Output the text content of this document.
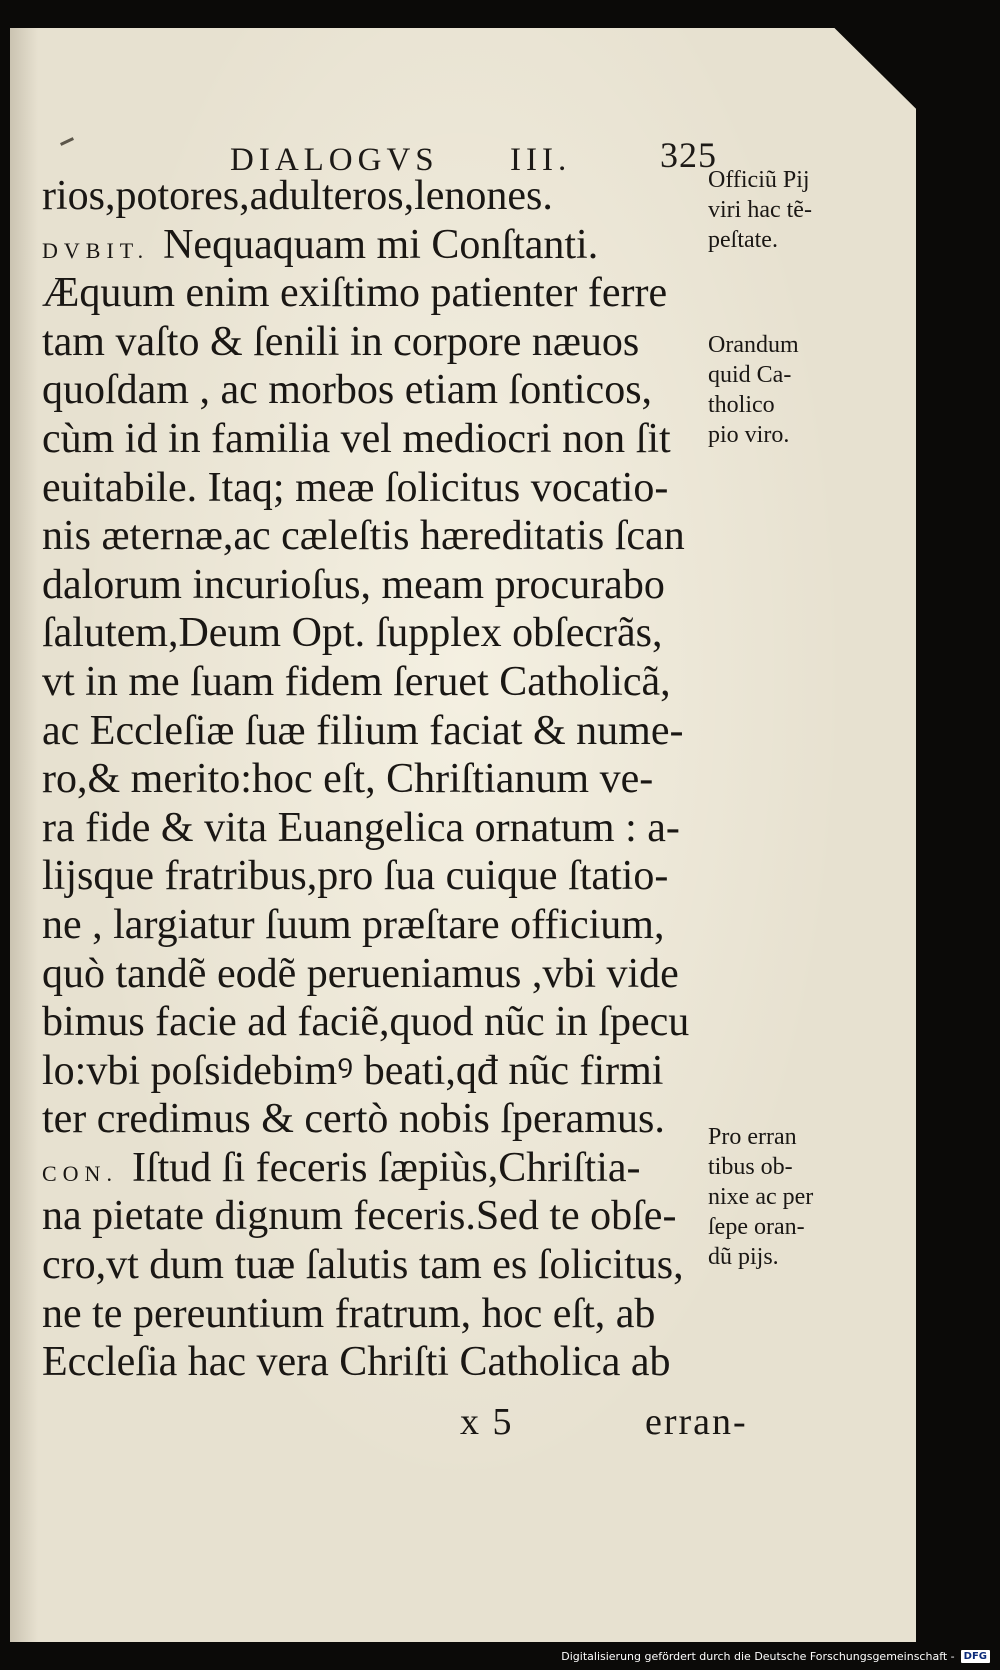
DIALOGVS III. 325
rios,potores,adulteros,lenones.
DVBIT. Nequaquam mi Conſtanti.
Æquum enim exiſtimo patienter ferre
tam vaſto & ſenili in corpore næuos
quoſdam , ac morbos etiam ſonticos,
cùm id in familia vel mediocri non ſit
euitabile. Itaq; meæ ſolicitus vocatio-
nis æternæ,ac cæleſtis hæreditatis ſcan
dalorum incurioſus, meam procurabo
ſalutem,Deum Opt. ſupplex obſecrãs,
vt in me ſuam fidem ſeruet Catholicã,
ac Eccleſiæ ſuæ filium faciat & nume-
ro,& merito:hoc eſt, Chriſtianum ve-
ra fide & vita Euangelica ornatum : a-
lijsque fratribus,pro ſua cuique ſtatio-
ne , largiatur ſuum præſtare officium,
quò tandẽ eodẽ perueniamus ,vbi vide
bimus facie ad faciẽ,quod nũc in ſpecu
lo:vbi poſsidebimꝰ beati,qđ nũc firmi
ter credimus & certò nobis ſperamus.
CON. Iſtud ſi feceris ſæpiùs,Chriſtia-
na pietate dignum feceris.Sed te obſe-
cro,vt dum tuæ ſalutis tam es ſolicitus,
ne te pereuntium fratrum, hoc eſt, ab
Eccleſia hac vera Chriſti Catholica ab
Officiũ Pij
viri hac tẽ-
peſtate.
Orandum
quid Ca-
tholico
pio viro.
Pro erran
tibus ob-
nixe ac per
ſepe oran-
dũ pijs.
x 5	erran-
Digitalisierung gefördert durch die Deutsche Forschungsgemeinschaft - DFG
